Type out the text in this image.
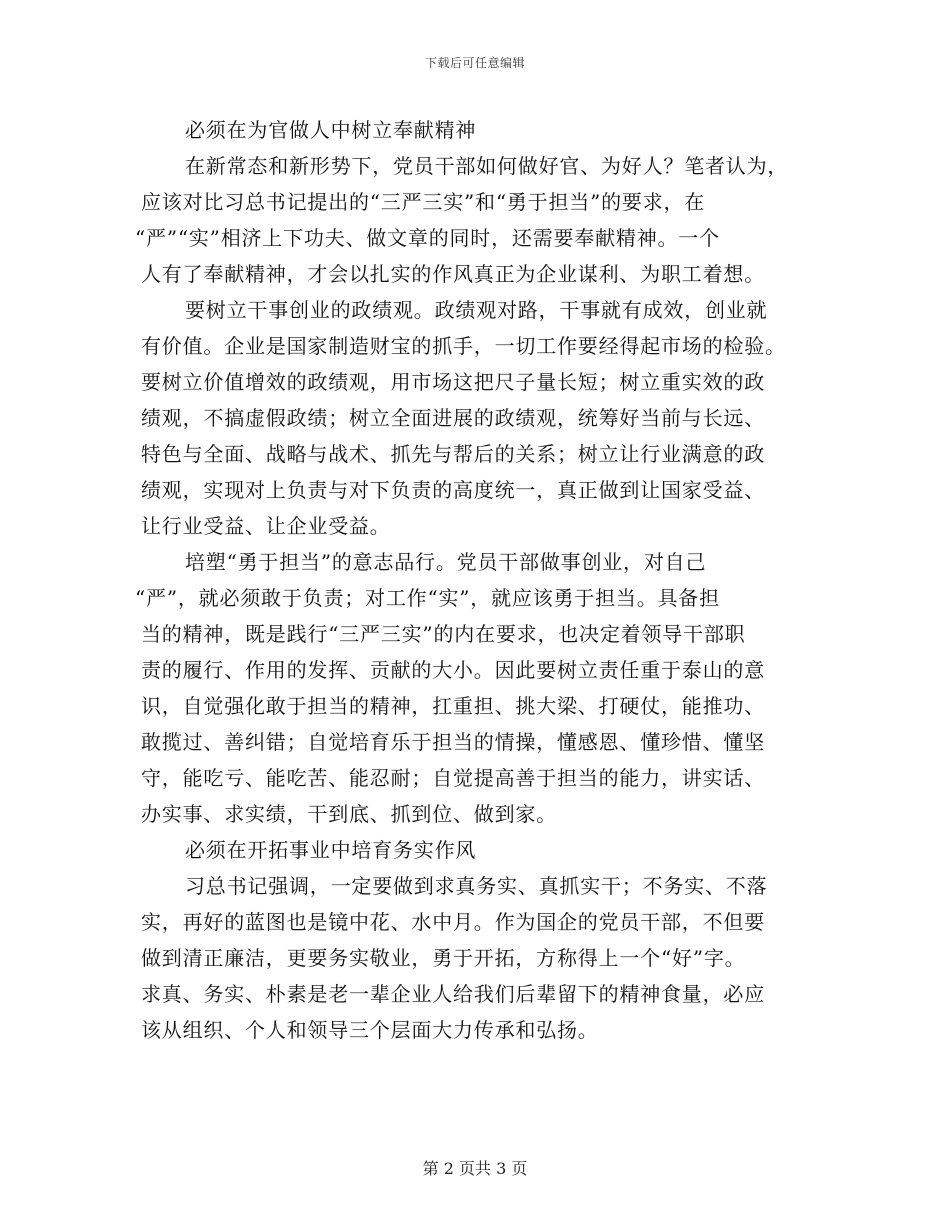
下载后可任意编辑
必须在为官做人中树立奉献精神
在新常态和新形势下，党员干部如何做好官、为好人？笔者认为，
应该对比习总书记提出的“三严三实”和“勇于担当”的要求，在
“严”“实”相济上下功夫、做文章的同时，还需要奉献精神。一个
人有了奉献精神，才会以扎实的作风真正为企业谋利、为职工着想。
要树立干事创业的政绩观。政绩观对路，干事就有成效，创业就
有价值。企业是国家制造财宝的抓手，一切工作要经得起市场的检验。
要树立价值增效的政绩观，用市场这把尺子量长短；树立重实效的政
绩观，不搞虚假政绩；树立全面进展的政绩观，统筹好当前与长远、
特色与全面、战略与战术、抓先与帮后的关系；树立让行业满意的政
绩观，实现对上负责与对下负责的高度统一，真正做到让国家受益、
让行业受益、让企业受益。
培塑“勇于担当”的意志品行。党员干部做事创业，对自己
“严”，就必须敢于负责；对工作“实”，就应该勇于担当。具备担
当的精神，既是践行“三严三实”的内在要求，也决定着领导干部职
责的履行、作用的发挥、贡献的大小。因此要树立责任重于泰山的意
识，自觉强化敢于担当的精神，扛重担、挑大梁、打硬仗，能推功、
敢揽过、善纠错；自觉培育乐于担当的情操，懂感恩、懂珍惜、懂坚
守，能吃亏、能吃苦、能忍耐；自觉提高善于担当的能力，讲实话、
办实事、求实绩，干到底、抓到位、做到家。
必须在开拓事业中培育务实作风
习总书记强调，一定要做到求真务实、真抓实干；不务实、不落
实，再好的蓝图也是镜中花、水中月。作为国企的党员干部，不但要
做到清正廉洁，更要务实敬业，勇于开拓，方称得上一个“好”字。
求真、务实、朴素是老一辈企业人给我们后辈留下的精神食量，必应
该从组织、个人和领导三个层面大力传承和弘扬。
第 2 页共 3 页
